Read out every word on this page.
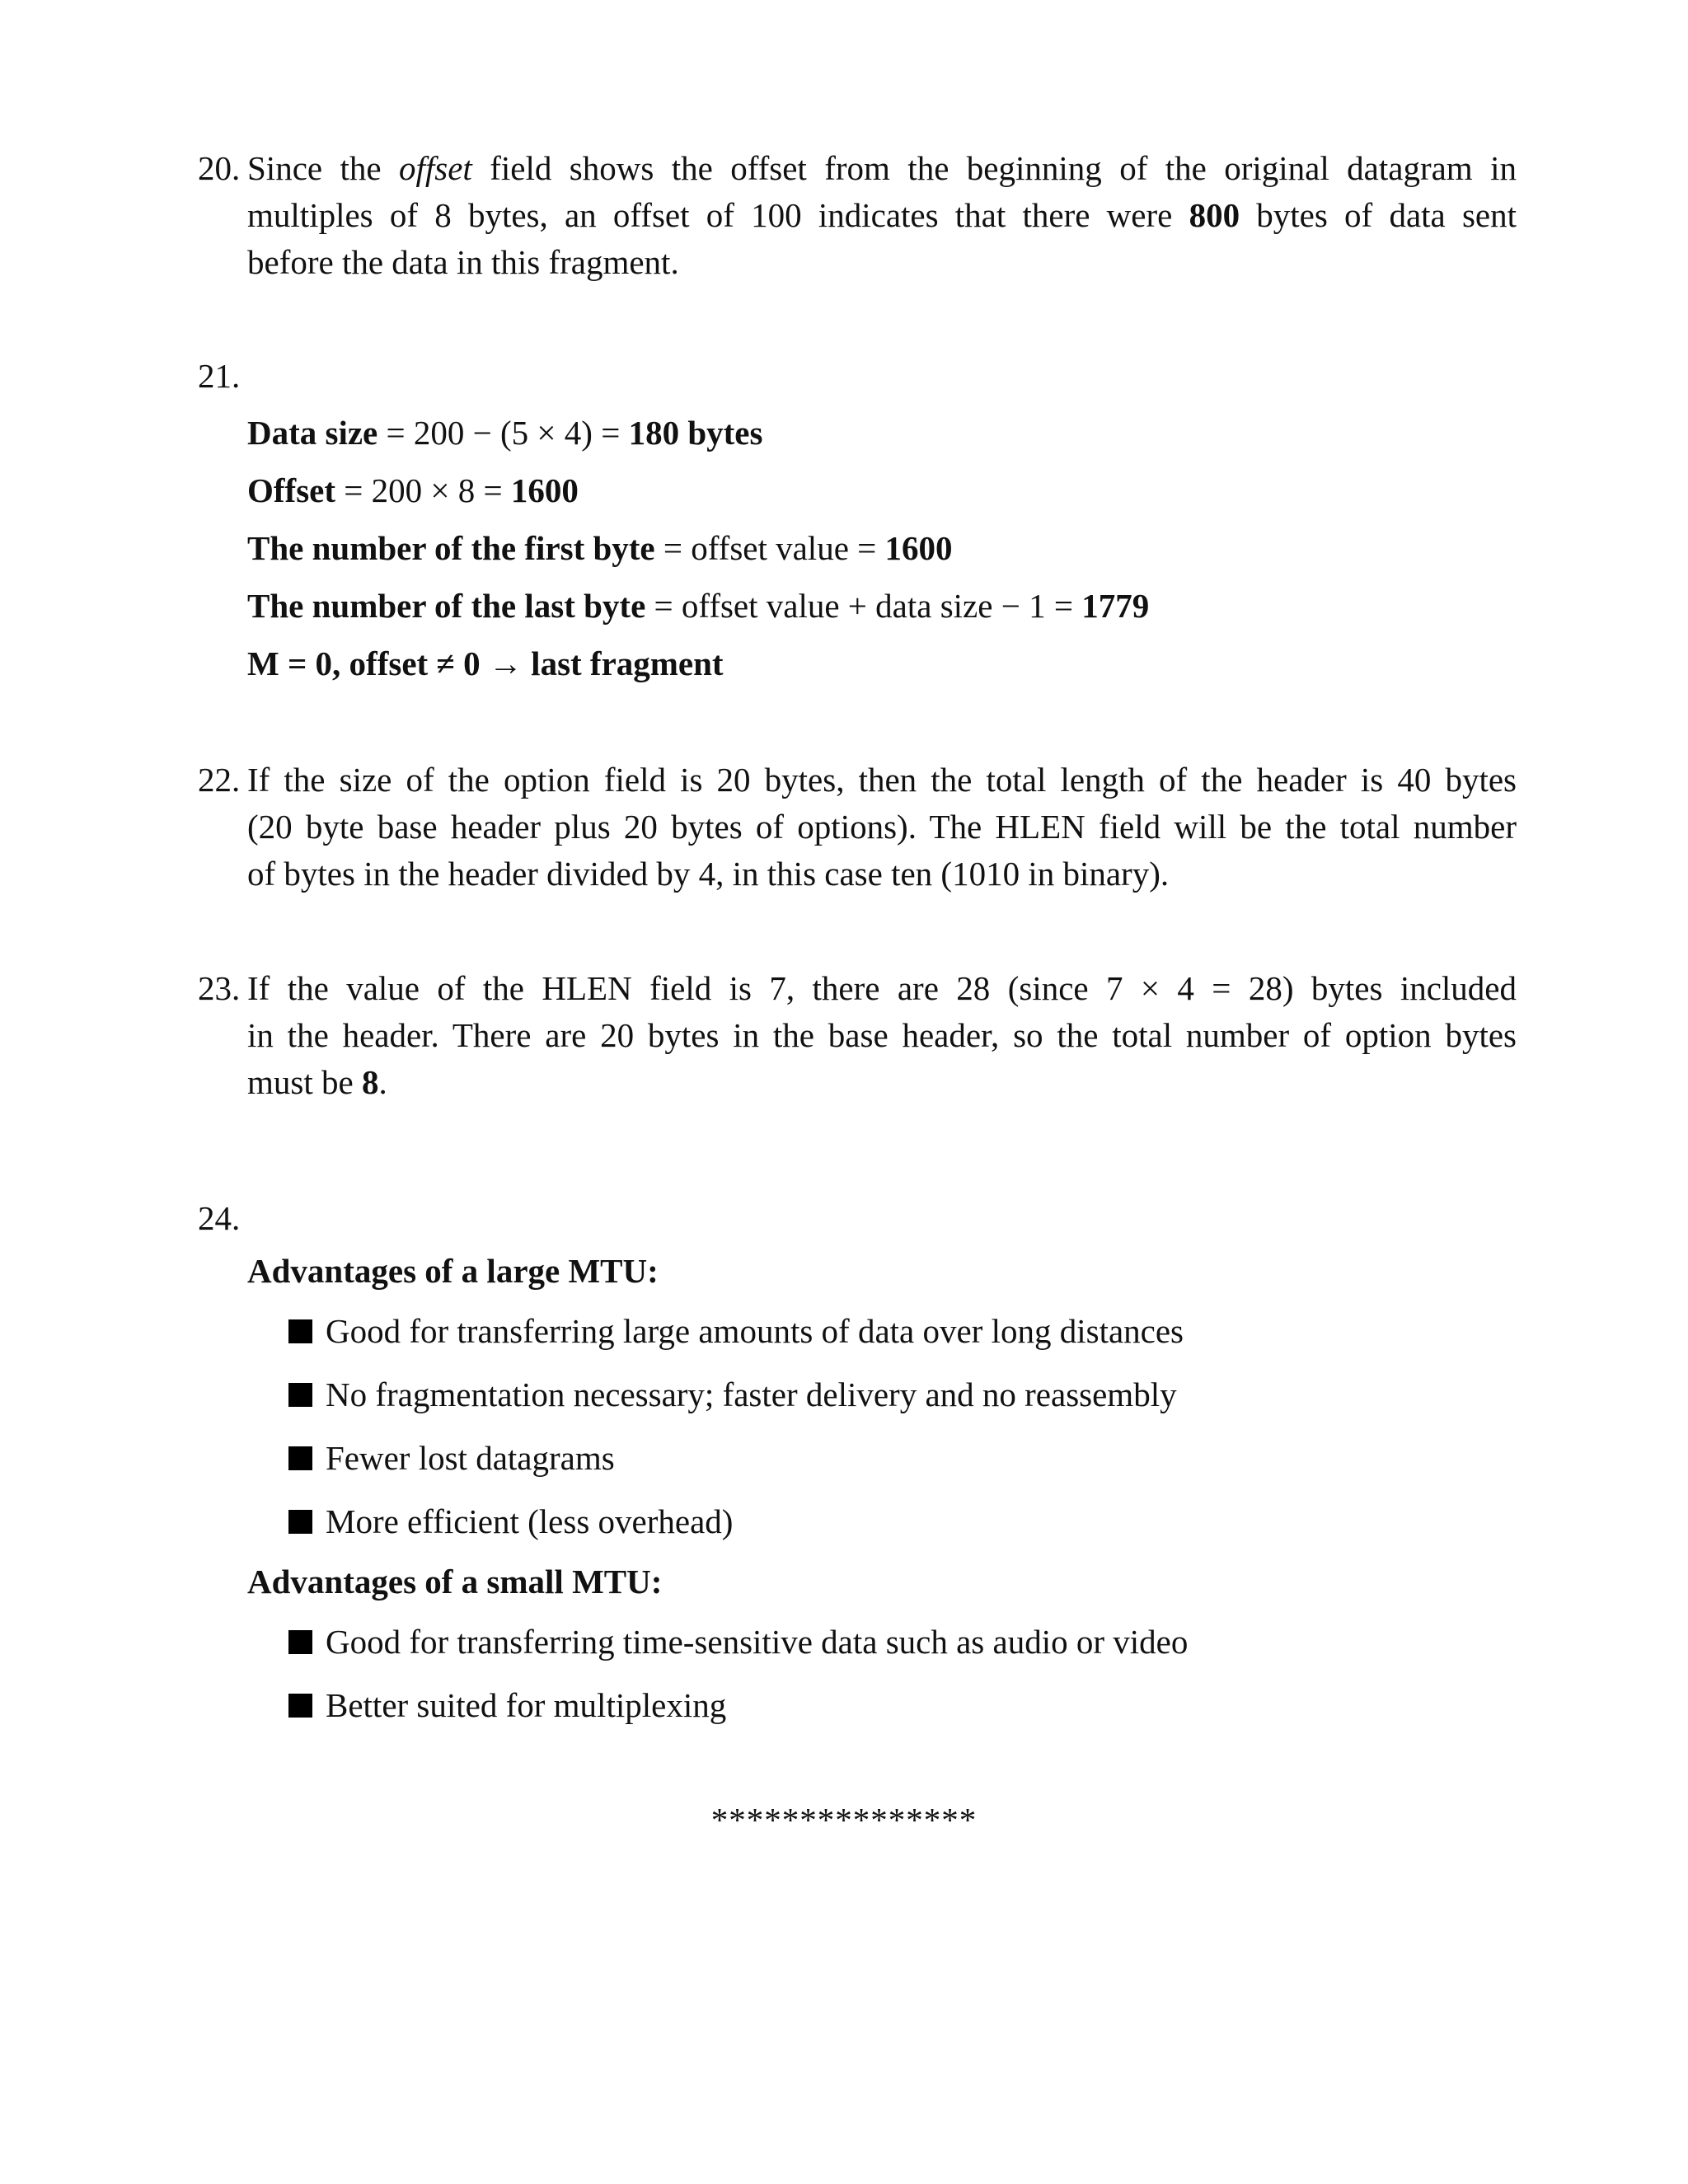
20. Since the offset field shows the offset from the beginning of the original datagram in
multiples of 8 bytes, an offset of 100 indicates that there were 800 bytes of data sent
before the data in this fragment.
21.
Data size = 200 − (5 × 4) = 180 bytes
Offset = 200 × 8 = 1600
The number of the first byte = offset value = 1600
The number of the last byte = offset value + data size − 1 = 1779
M = 0, offset ≠ 0 → last fragment
22. If the size of the option field is 20 bytes, then the total length of the header is 40 bytes
(20 byte base header plus 20 bytes of options). The HLEN field will be the total number
of bytes in the header divided by 4, in this case ten (1010 in binary).
23. If the value of the HLEN field is 7, there are 28 (since 7 × 4 = 28) bytes included
in the header. There are 20 bytes in the base header, so the total number of option bytes
must be 8.
24.
Advantages of a large MTU:
Good for transferring large amounts of data over long distances
No fragmentation necessary; faster delivery and no reassembly
Fewer lost datagrams
More efficient (less overhead)
Advantages of a small MTU:
Good for transferring time-sensitive data such as audio or video
Better suited for multiplexing
***************
